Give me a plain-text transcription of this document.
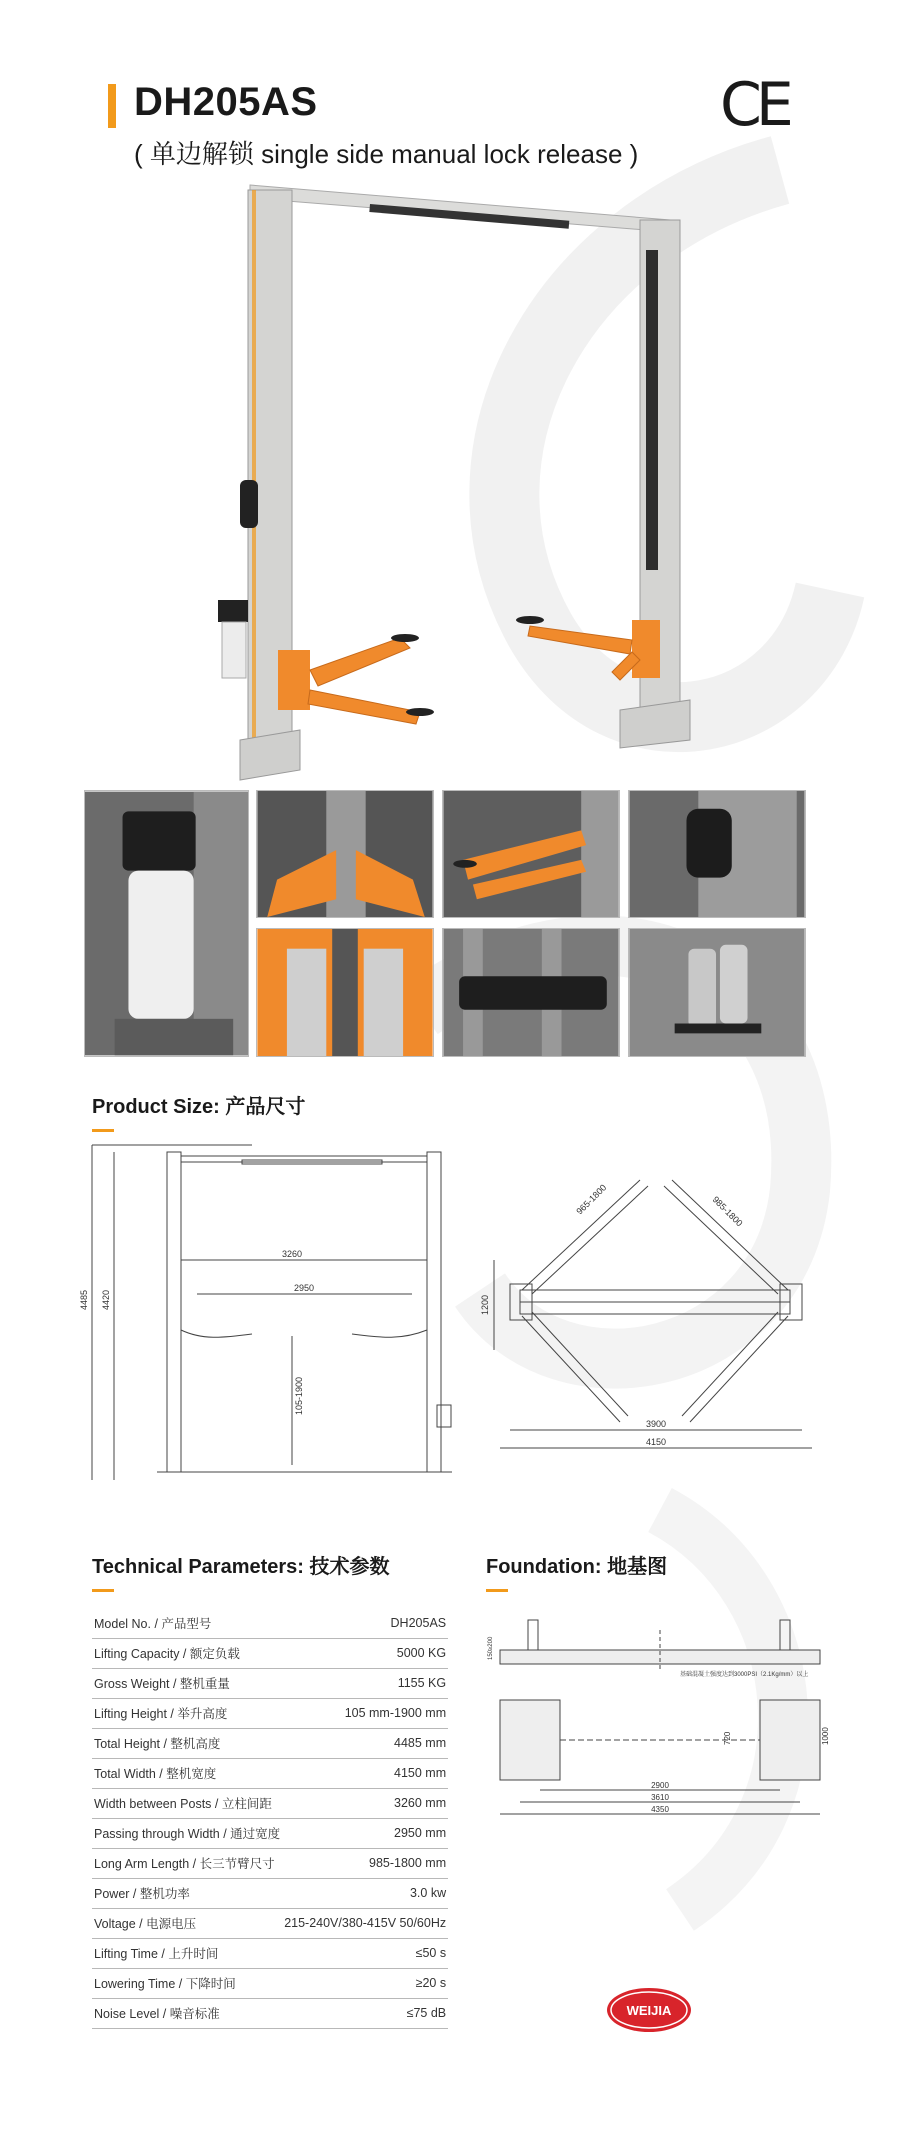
DH205AS
( 单边解锁 single side manual lock release )
CE
Product Size: 产品尺寸
4485 4420
3260
2950
105-1900
965-1800	985-1800
1200
3900
4150
Technical Parameters: 技术参数
Model No. / 产品型号	DH205AS
Lifting Capacity / 额定负载	5000 KG
Gross Weight / 整机重量	1155 KG
Lifting Height / 举升高度	105 mm-1900 mm
Total Height / 整机高度	4485 mm
Total Width / 整机宽度	4150 mm
Width between Posts / 立柱间距	3260 mm
Passing through Width / 通过宽度	2950 mm
Long Arm Length / 长三节臂尺寸	985-1800 mm
Power / 整机功率	3.0 kw
Voltage / 电源电压	215-240V/380-415V 50/60Hz
Lifting Time / 上升时间	≤50 s
Lowering Time / 下降时间	≥20 s
Noise Level / 噪音标准	≤75 dB
Foundation: 地基图
150≥200
基础混凝土强度达到3000PSI（2.1Kg/mm）以上
720	1000
2900
3610
4350
WEIJIA
